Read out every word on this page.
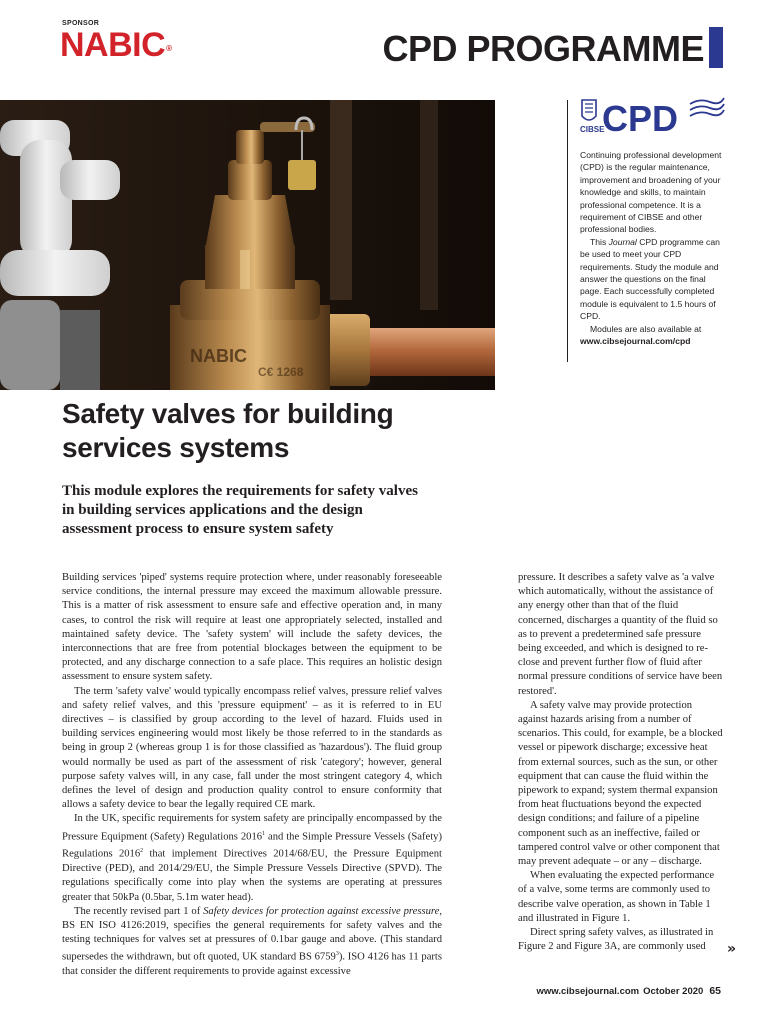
SPONSOR
NABIC®	CPD PROGRAMME
NABIC
C€ 1268
CIBSE
CPD

Continuing professional development (CPD) is the regular maintenance, improvement and broadening of your knowledge and skills, to maintain professional competence. It is a requirement of CIBSE and other professional bodies.

This Journal CPD programme can be used to meet your CPD requirements. Study the module and answer the questions on the final page. Each successfully completed module is equivalent to 1.5 hours of CPD.

Modules are also available at

www.cibsejournal.com/cpd

Safety valves for building services systems

This module explores the requirements for safety valves in building services applications and the design assessment process to ensure system safety

Building services 'piped' systems require protection where, under reasonably foreseeable service conditions, the internal pressure may exceed the maximum allowable pressure. This is a matter of risk assessment to ensure safe and effective operation and, in many cases, to control the risk will require at least one appropriately selected, installed and maintained safety device. The 'safety system' will include the safety devices, the interconnections that are free from potential blockages between the equipment to be protected, and any discharge connection to a safe place. This requires an holistic design assessment to ensure system safety.

The term 'safety valve' would typically encompass relief valves, pressure relief valves and safety relief valves, and this 'pressure equipment' – as it is referred to in EU directives – is classified by group according to the level of hazard. Fluids used in building services engineering would most likely be those referred to in the standards as being in group 2 (whereas group 1 is for those classified as 'hazardous'). The fluid group would normally be used as part of the assessment of risk 'category'; however, general purpose safety valves will, in any case, fall under the most stringent category 4, which defines the level of design and production quality control to ensure conformity that allows a safety device to bear the legally required CE mark.

In the UK, specific requirements for system safety are principally encompassed by the Pressure Equipment (Safety) Regulations 2016$^1$ and the Simple Pressure Vessels (Safety) Regulations 2016$^2$ that implement Directives 2014/68/EU, the Pressure Equipment Directive (PED), and 2014/29/EU, the Simple Pressure Vessels Directive (SPVD). The regulations specifically come into play when the systems are operating at pressures greater that 50kPa (0.5bar, 5.1m water head).

The recently revised part 1 of Safety devices for protection against excessive pressure, BS EN ISO 4126:2019, specifies the general requirements for safety valves and the testing techniques for valves set at pressures of 0.1bar gauge and above. (This standard supersedes the withdrawn, but oft quoted, UK standard BS 6759$^3$). ISO 4126 has 11 parts that consider the different requirements to provide against excessive

pressure. It describes a safety valve as 'a valve which automatically, without the assistance of any energy other than that of the fluid concerned, discharges a quantity of the fluid so as to prevent a predetermined safe pressure being exceeded, and which is designed to re-close and prevent further flow of fluid after normal pressure conditions of service have been restored'.

A safety valve may provide protection against hazards arising from a number of scenarios. This could, for example, be a blocked vessel or pipework discharge; excessive heat from external sources, such as the sun, or other equipment that can cause the fluid within the pipework to expand; system thermal expansion from heat fluctuations beyond the expected design conditions; and failure of a pipeline component such as an ineffective, failed or tampered control valve or other component that may prevent adequate – or any – discharge.

When evaluating the expected performance of a valve, some terms are commonly used to describe valve operation, as shown in Table 1 and illustrated in Figure 1.

Direct spring safety valves, as illustrated in Figure 2 and Figure 3A, are commonly used	»
www.cibsejournal.com October 2020 65
